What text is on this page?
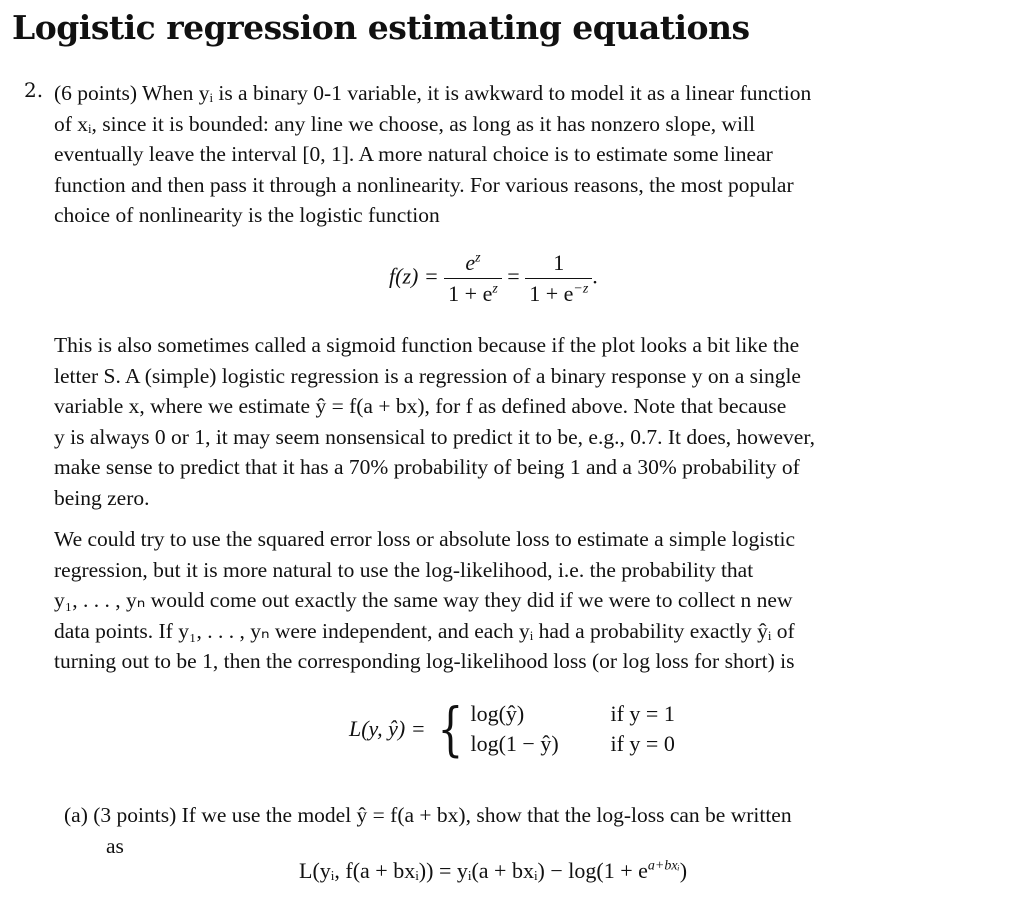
Logistic regression estimating equations
2. (6 points) When yᵢ is a binary 0-1 variable, it is awkward to model it as a linear function
of xᵢ, since it is bounded: any line we choose, as long as it has nonzero slope, will
eventually leave the interval [0, 1]. A more natural choice is to estimate some linear
function and then pass it through a nonlinearity. For various reasons, the most popular
choice of nonlinearity is the logistic function
$f(z) = \frac{e^z}{1 + e^z} = \frac{1}{1 + e^{-z}}$ .
This is also sometimes called a sigmoid function because if the plot looks a bit like the
letter S. A (simple) logistic regression is a regression of a binary response y on a single
variable x, where we estimate ŷ = f(a + bx), for f as defined above. Note that because
y is always 0 or 1, it may seem nonsensical to predict it to be, e.g., 0.7. It does, however,
make sense to predict that it has a 70% probability of being 1 and a 30% probability of
being zero.
We could try to use the squared error loss or absolute loss to estimate a simple logistic
regression, but it is more natural to use the log-likelihood, i.e. the probability that
y₁, . . . , yₙ would come out exactly the same way they did if we were to collect n new
data points. If y₁, . . . , yₙ were independent, and each yᵢ had a probability exactly ŷᵢ of
turning out to be 1, then the corresponding log-likelihood loss (or log loss for short) is
L(y, ŷ) = { log(ŷ)	if y = 1
log(1 − ŷ)	if y = 0
(a) (3 points) If we use the model ŷ = f(a + bx), show that the log-loss can be written
as
L(yᵢ, f(a + bxᵢ)) = yᵢ(a + bxᵢ) − $\log(1 + e^{a+bxᵢ})$
